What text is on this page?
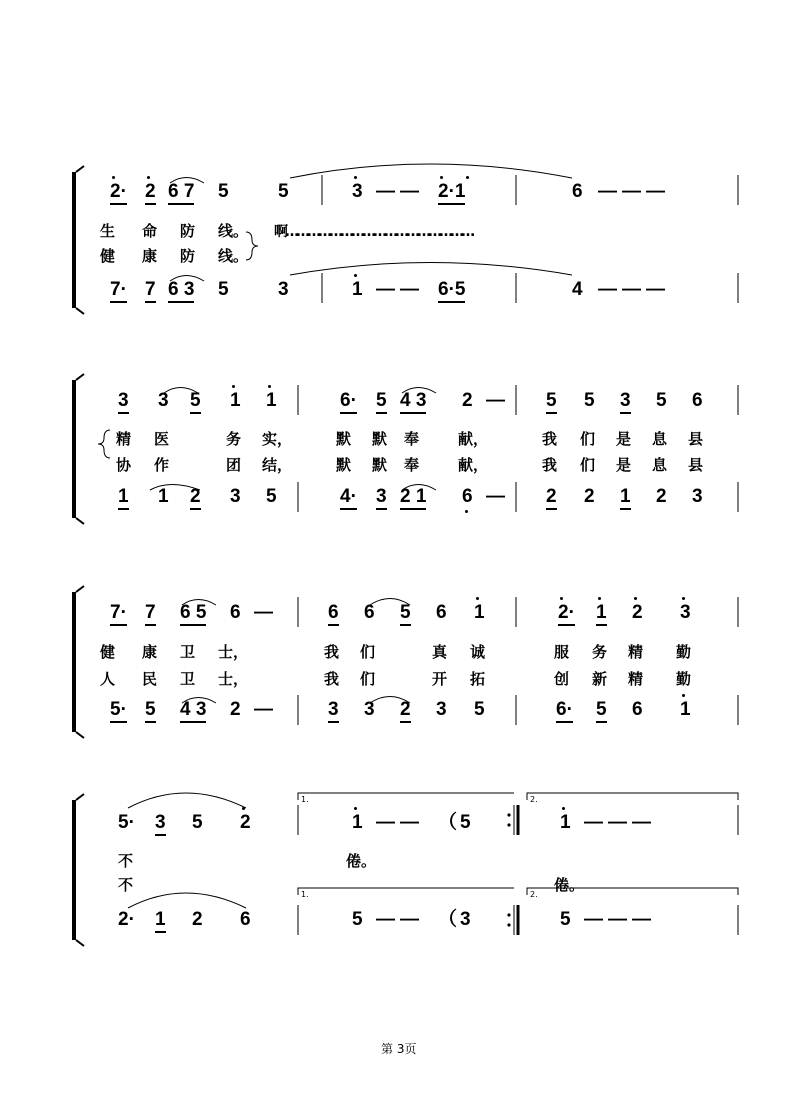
2· 2 6 7 5	5	3 — — 2·1	6 — — —
生 命 防 线。
健 康 防 线。
啊……………………………………………
7· 7 6 3 5	3	1 — — 6·5	4 — — —
3 3 5 1 1	6· 5 4 3 2 — 5 5 3 5 6
精 医	务 实，	默 默 奉	献，	我 们 是 息 县
协 作	团 结，	默 默 奉	献，	我 们 是 息 县
1 1 2 3 5	4· 3 2 1 6 — 2 2 1 2 3
7· 7 6 5 6 —	6 6 5 6 1	2· 1 2 3
健 康 卫 士，	我 们	真 诚	服 务 精 勤
人 民 卫 士，	我 们	开 拓	创 新 精 勤
5· 5 4 3 2 —	3 3 2 3 5	6· 5 6 1
5· 3 5 2	1 — — （ 5	1 — — —
1.	2.
1.	2.
不	倦。
不	倦。
2· 1 2 6	5 — — （ 3	5 — — —
第 3页
